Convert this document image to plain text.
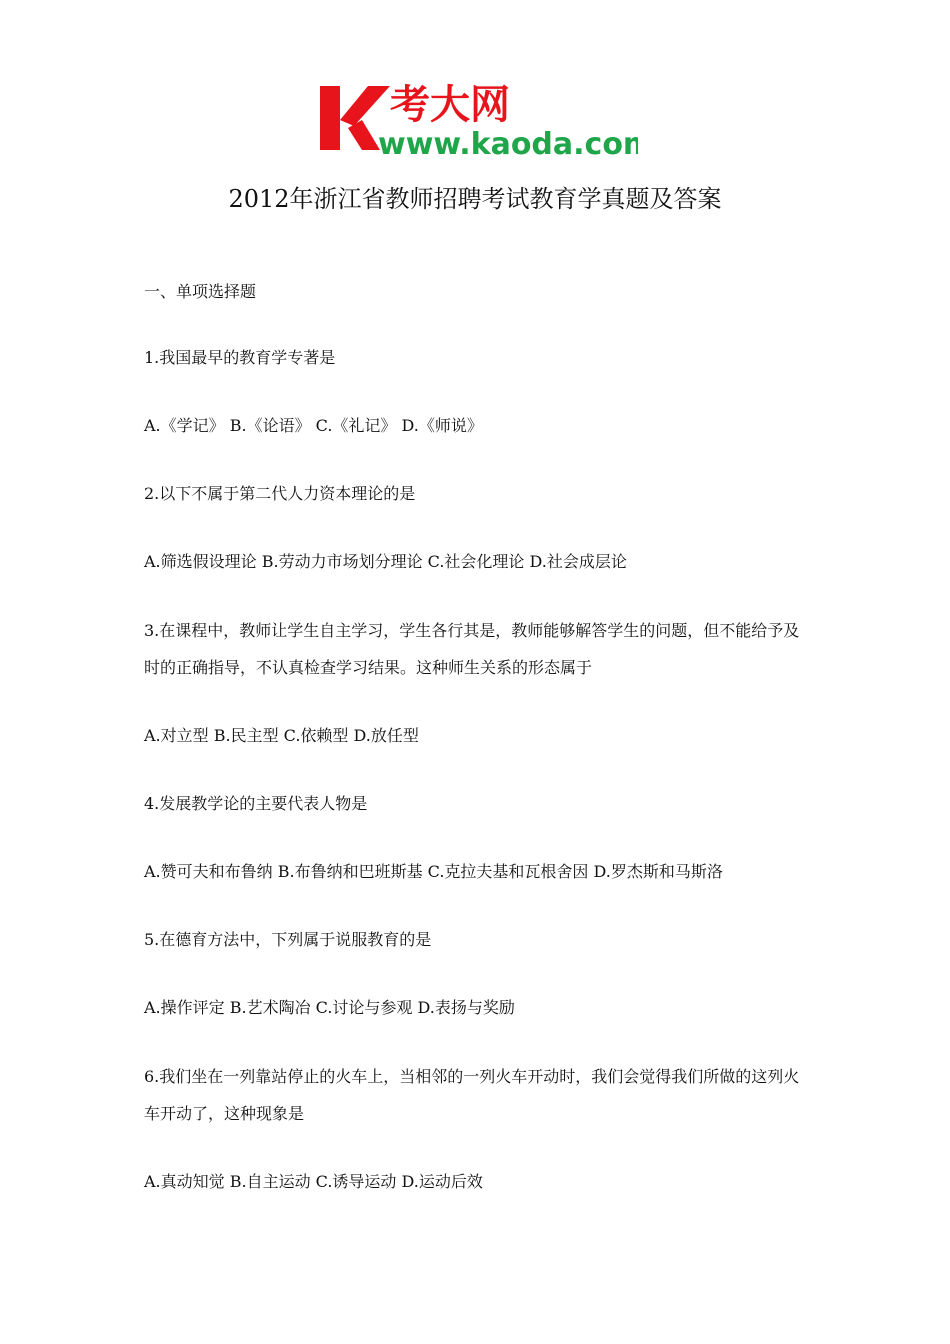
考大网
www.kaoda.com
2012年浙江省教师招聘考试教育学真题及答案
一、单项选择题
1.我国最早的教育学专著是
A.《学记》 B.《论语》 C.《礼记》 D.《师说》
2.以下不属于第二代人力资本理论的是
A.筛选假设理论 B.劳动力市场划分理论 C.社会化理论 D.社会成层论
3.在课程中，教师让学生自主学习，学生各行其是，教师能够解答学生的问题，但不能给予及时的正确指导，不认真检查学习结果。这种师生关系的形态属于
A.对立型 B.民主型 C.依赖型 D.放任型
4.发展教学论的主要代表人物是
A.赞可夫和布鲁纳 B.布鲁纳和巴班斯基 C.克拉夫基和瓦根舍因 D.罗杰斯和马斯洛
5.在德育方法中，下列属于说服教育的是
A.操作评定 B.艺术陶冶 C.讨论与参观 D.表扬与奖励
6.我们坐在一列靠站停止的火车上，当相邻的一列火车开动时，我们会觉得我们所做的这列火车开动了，这种现象是
A.真动知觉 B.自主运动 C.诱导运动 D.运动后效
